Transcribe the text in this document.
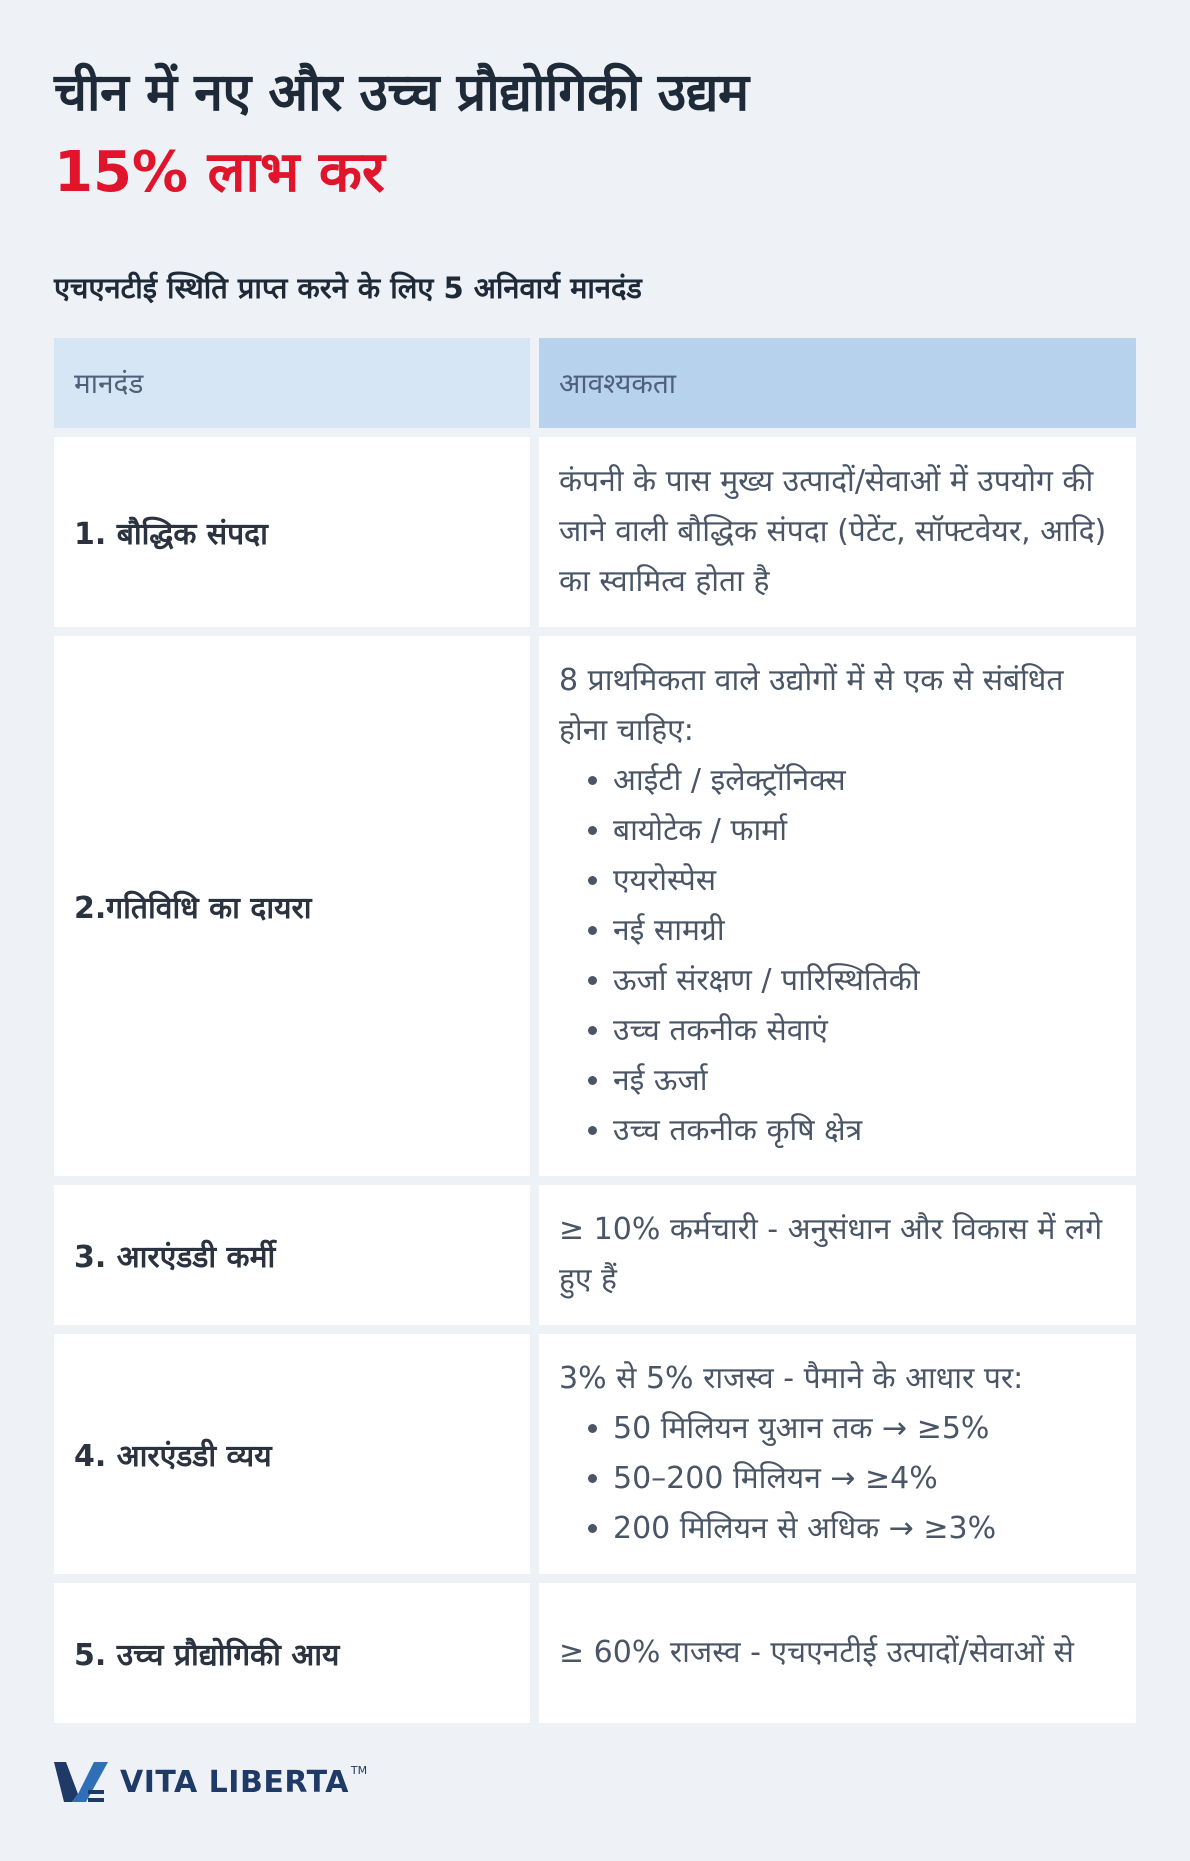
चीन में नए और उच्च प्रौद्योगिकी उद्यम
15% लाभ कर
एचएनटीई स्थिति प्राप्त करने के लिए 5 अनिवार्य मानदंड
मानदंड	आवश्यकता
1. बौद्धिक संपदा

कंपनी के पास मुख्य उत्पादों/सेवाओं में उपयोग की जाने वाली बौद्धिक संपदा (पेटेंट, सॉफ्टवेयर, आदि) का स्वामित्व होता है

2.गतिविधि का दायरा

8 प्राथमिकता वाले उद्योगों में से एक से संबंधित होना चाहिए:

• आईटी / इलेक्ट्रॉनिक्स
• बायोटेक / फार्मा
• एयरोस्पेस
• नई सामग्री
• ऊर्जा संरक्षण / पारिस्थितिकी
• उच्च तकनीक सेवाएं
• नई ऊर्जा
• उच्च तकनीक कृषि क्षेत्र
3. आरएंडडी कर्मी

≥ 10% कर्मचारी - अनुसंधान और विकास में लगे हुए हैं

4. आरएंडडी व्यय

3% से 5% राजस्व - पैमाने के आधार पर:

• 50 मिलियन युआन तक → ≥5%
• 50–200 मिलियन → ≥4%
• 200 मिलियन से अधिक → ≥3%
5. उच्च प्रौद्योगिकी आय	≥ 60% राजस्व - एचएनटीई उत्पादों/सेवाओं से

VITA LIBERTA TM
